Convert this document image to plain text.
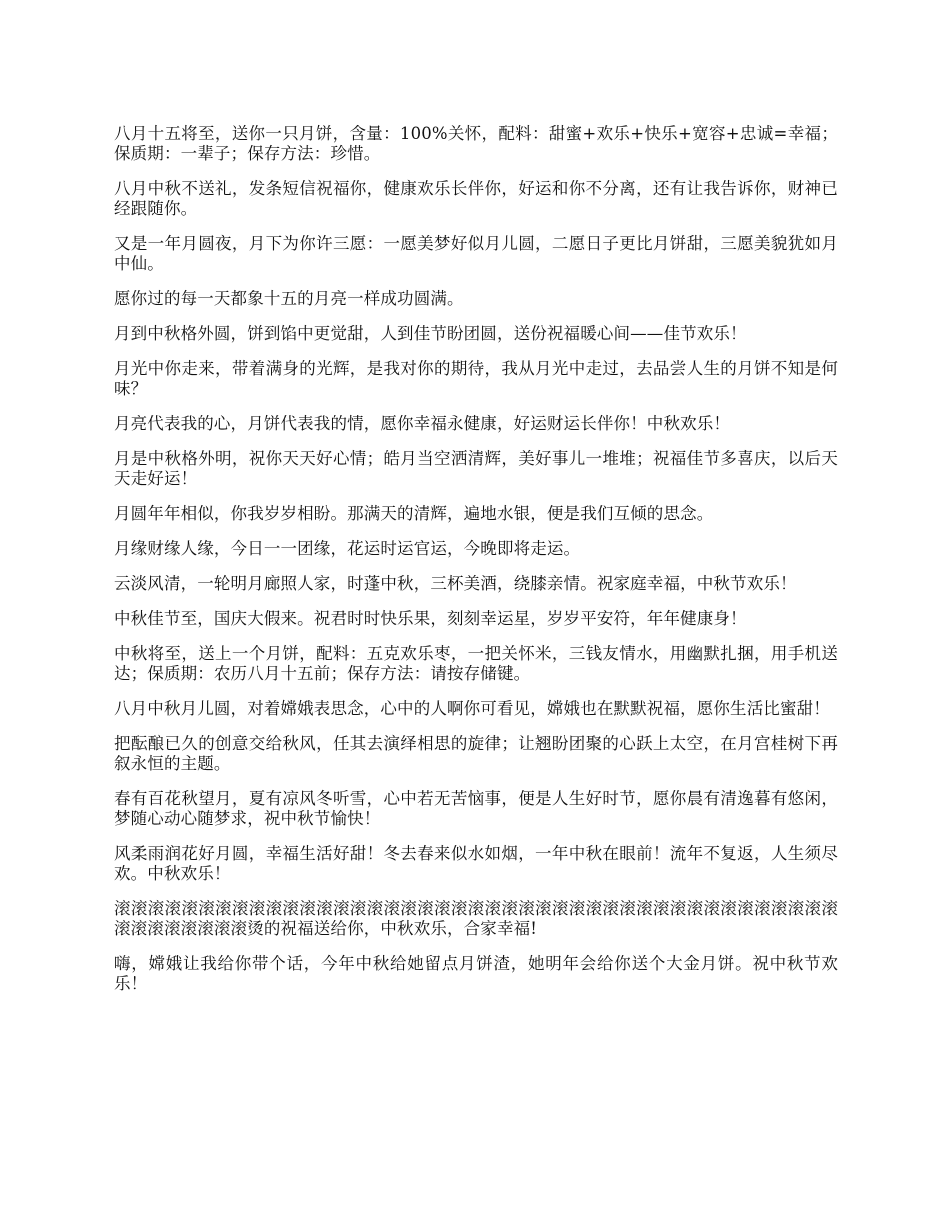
八月十五将至，送你一只月饼，含量：100%关怀，配料：甜蜜+欢乐+快乐+宽容+忠诚=幸福；保质期：一辈子；保存方法：珍惜。

八月中秋不送礼，发条短信祝福你，健康欢乐长伴你，好运和你不分离，还有让我告诉你，财神已经跟随你。

又是一年月圆夜，月下为你许三愿：一愿美梦好似月儿圆，二愿日子更比月饼甜，三愿美貌犹如月中仙。

愿你过的每一天都象十五的月亮一样成功圆满。

月到中秋格外圆，饼到馅中更觉甜，人到佳节盼团圆，送份祝福暖心间——佳节欢乐！

月光中你走来，带着满身的光辉，是我对你的期待，我从月光中走过，去品尝人生的月饼不知是何味？

月亮代表我的心，月饼代表我的情，愿你幸福永健康，好运财运长伴你！中秋欢乐！

月是中秋格外明，祝你天天好心情；皓月当空洒清辉，美好事儿一堆堆；祝福佳节多喜庆，以后天天走好运！

月圆年年相似，你我岁岁相盼。那满天的清辉，遍地水银，便是我们互倾的思念。

月缘财缘人缘，今日一一团缘，花运时运官运，今晚即将走运。

云淡风清，一轮明月廊照人家，时蓬中秋，三杯美酒，绕膝亲情。祝家庭幸福，中秋节欢乐！

中秋佳节至，国庆大假来。祝君时时快乐果，刻刻幸运星，岁岁平安符，年年健康身！

中秋将至，送上一个月饼，配料：五克欢乐枣，一把关怀米，三钱友情水，用幽默扎捆，用手机送达；保质期：农历八月十五前；保存方法：请按存储键。

八月中秋月儿圆，对着嫦娥表思念，心中的人啊你可看见，嫦娥也在默默祝福，愿你生活比蜜甜！

把酝酿已久的创意交给秋风，任其去演绎相思的旋律；让翘盼团聚的心跃上太空，在月宫桂树下再叙永恒的主题。

春有百花秋望月，夏有凉风冬听雪，心中若无苦恼事，便是人生好时节，愿你晨有清逸暮有悠闲，梦随心动心随梦求，祝中秋节愉快！

风柔雨润花好月圆，幸福生活好甜！冬去春来似水如烟，一年中秋在眼前！流年不复返，人生须尽欢。中秋欢乐！

滚滚滚滚滚滚滚滚滚滚滚滚滚滚滚滚滚滚滚滚滚滚滚滚滚滚滚滚滚滚滚滚滚滚滚滚滚滚滚滚滚滚滚滚滚滚滚滚滚滚滚烫的祝福送给你，中秋欢乐，合家幸福!

嗨，嫦娥让我给你带个话，今年中秋给她留点月饼渣，她明年会给你送个大金月饼。祝中秋节欢乐！
